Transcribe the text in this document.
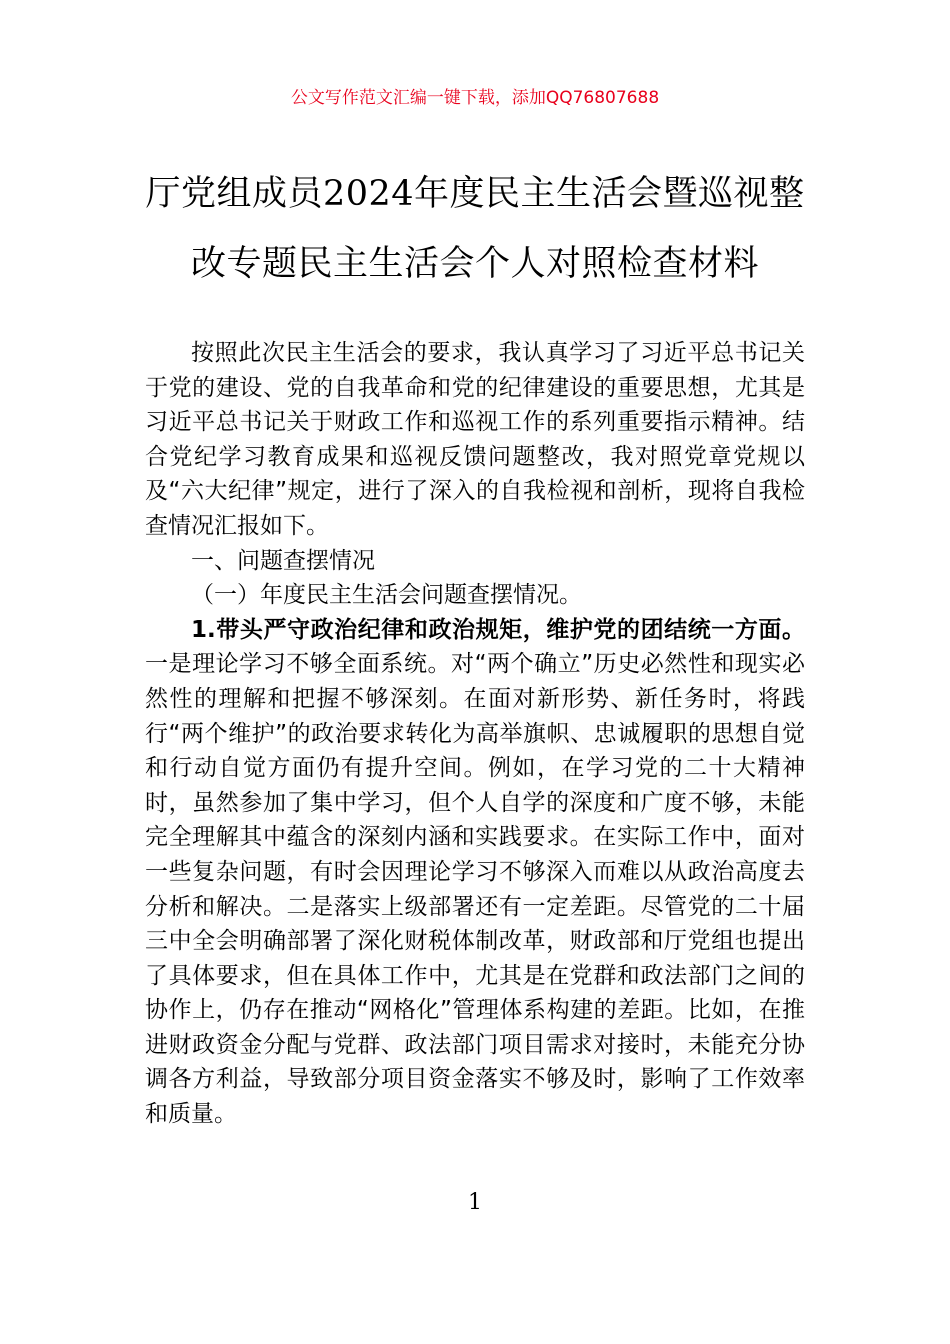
公文写作范文汇编一键下载，添加QQ76807688
厅党组成员2024年度民主生活会暨巡视整
改专题民主生活会个人对照检查材料

按照此次民主生活会的要求，我认真学习了习近平总书记关于党的建设、党的自我革命和党的纪律建设的重要思想，尤其是习近平总书记关于财政工作和巡视工作的系列重要指示精神。结合党纪学习教育成果和巡视反馈问题整改，我对照党章党规以及“六大纪律”规定，进行了深入的自我检视和剖析，现将自我检查情况汇报如下。

一、问题查摆情况

（一）年度民主生活会问题查摆情况。

1.带头严守政治纪律和政治规矩，维护党的团结统一方面。一是理论学习不够全面系统。对“两个确立”历史必然性和现实必然性的理解和把握不够深刻。在面对新形势、新任务时，将践行“两个维护”的政治要求转化为高举旗帜、忠诚履职的思想自觉和行动自觉方面仍有提升空间。例如，在学习党的二十大精神时，虽然参加了集中学习，但个人自学的深度和广度不够，未能完全理解其中蕴含的深刻内涵和实践要求。在实际工作中，面对一些复杂问题，有时会因理论学习不够深入而难以从政治高度去分析和解决。二是落实上级部署还有一定差距。尽管党的二十届三中全会明确部署了深化财税体制改革，财政部和厅党组也提出了具体要求，但在具体工作中，尤其是在党群和政法部门之间的协作上，仍存在推动“网格化”管理体系构建的差距。比如，在推进财政资金分配与党群、政法部门项目需求对接时，未能充分协调各方利益，导致部分项目资金落实不够及时，影响了工作效率和质量。

1
